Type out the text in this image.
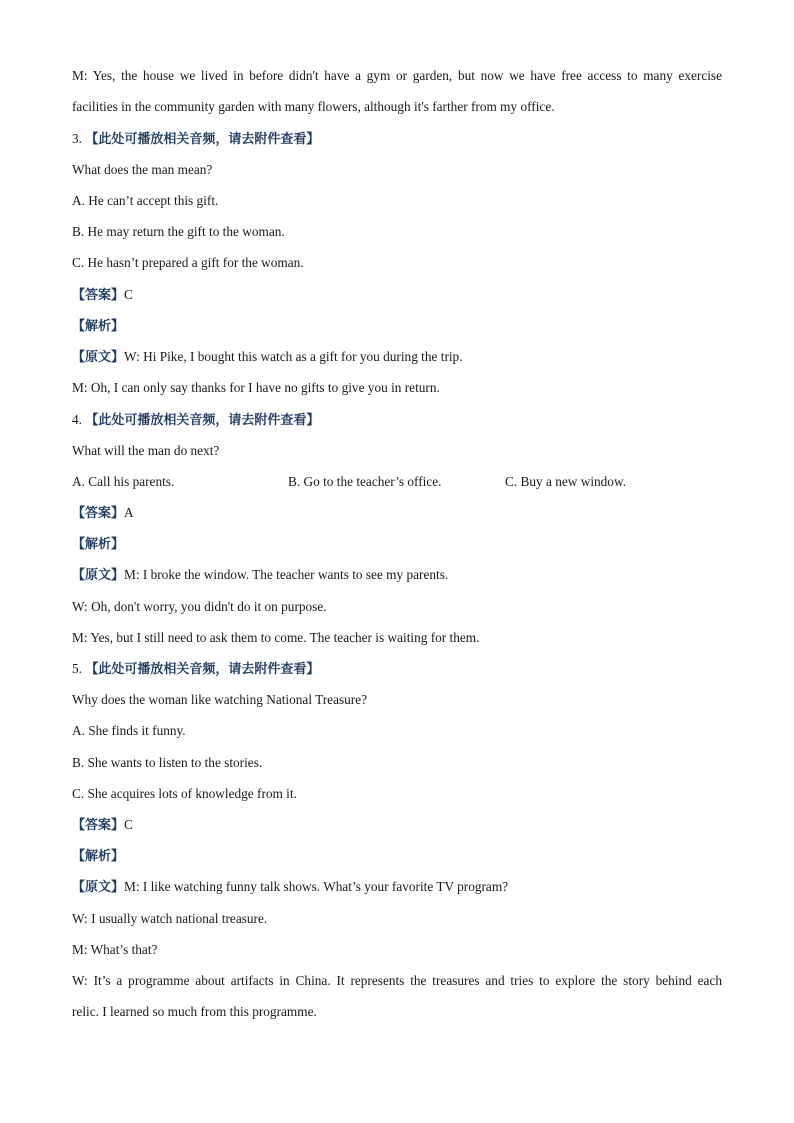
M: Yes, the house we lived in before didn't have a gym or garden, but now we have free access to many exercise
facilities in the community garden with many flowers, although it's farther from my office.
3. 【此处可播放相关音频，请去附件查看】
What does the man mean?
A. He can’t accept this gift.
B. He may return the gift to the woman.
C. He hasn’t prepared a gift for the woman.
【答案】C
【解析】
【原文】W: Hi Pike, I bought this watch as a gift for you during the trip.
M: Oh, I can only say thanks for I have no gifts to give you in return.
4. 【此处可播放相关音频，请去附件查看】
What will the man do next?
A. Call his parents.	B. Go to the teacher’s office.	C. Buy a new window.
【答案】A
【解析】
【原文】M: I broke the window. The teacher wants to see my parents.
W: Oh, don't worry, you didn't do it on purpose.
M: Yes, but I still need to ask them to come. The teacher is waiting for them.
5. 【此处可播放相关音频，请去附件查看】
Why does the woman like watching National Treasure?
A. She finds it funny.
B. She wants to listen to the stories.
C. She acquires lots of knowledge from it.
【答案】C
【解析】
【原文】M: I like watching funny talk shows. What’s your favorite TV program?
W: I usually watch national treasure.
M: What’s that?
W: It’s a programme about artifacts in China. It represents the treasures and tries to explore the story behind each
relic. I learned so much from this programme.
